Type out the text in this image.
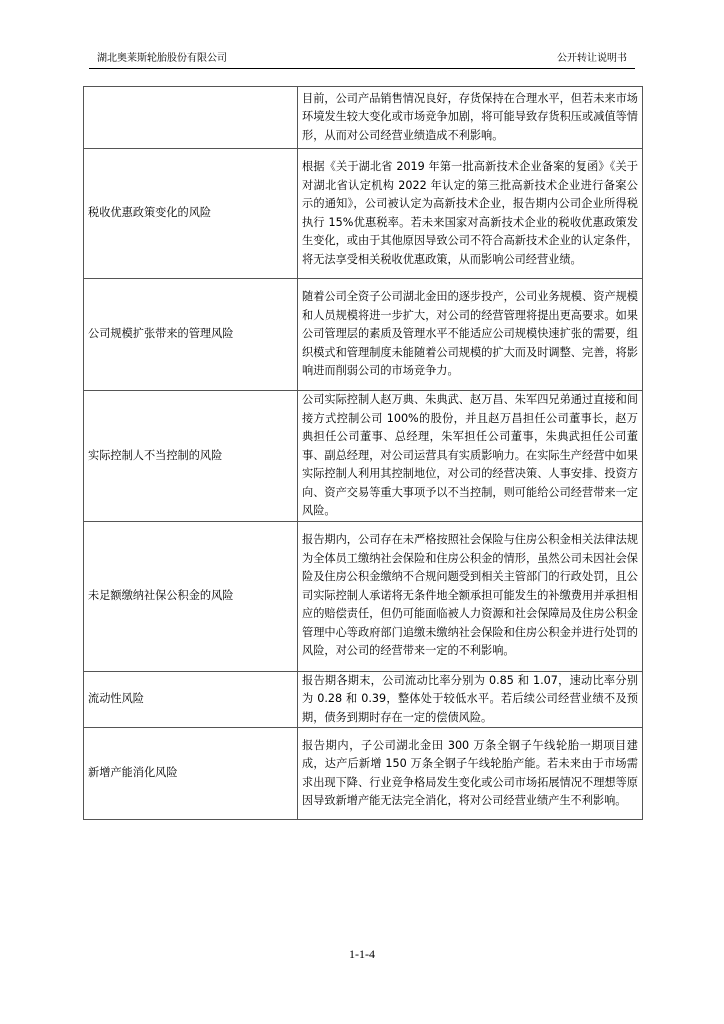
湖北奥莱斯轮胎股份有限公司	公开转让说明书
	目前，公司产品销售情况良好，存货保持在合理水平，但若未来市场环境发生较大变化或市场竞争加剧，将可能导致存货积压或减值等情形，从而对公司经营业绩造成不利影响。
税收优惠政策变化的风险	根据《关于湖北省 2019 年第一批高新技术企业备案的复函》《关于对湖北省认定机构 2022 年认定的第三批高新技术企业进行备案公示的通知》，公司被认定为高新技术企业，报告期内公司企业所得税执行 15%优惠税率。若未来国家对高新技术企业的税收优惠政策发生变化，或由于其他原因导致公司不符合高新技术企业的认定条件，将无法享受相关税收优惠政策，从而影响公司经营业绩。
公司规模扩张带来的管理风险	随着公司全资子公司湖北金田的逐步投产，公司业务规模、资产规模和人员规模将进一步扩大，对公司的经营管理将提出更高要求。如果公司管理层的素质及管理水平不能适应公司规模快速扩张的需要，组织模式和管理制度未能随着公司规模的扩大而及时调整、完善，将影响进而削弱公司的市场竞争力。
实际控制人不当控制的风险	公司实际控制人赵万典、朱典武、赵万昌、朱军四兄弟通过直接和间接方式控制公司 100%的股份，并且赵万昌担任公司董事长，赵万典担任公司董事、总经理，朱军担任公司董事，朱典武担任公司董事、副总经理，对公司运营具有实质影响力。在实际生产经营中如果实际控制人利用其控制地位，对公司的经营决策、人事安排、投资方向、资产交易等重大事项予以不当控制，则可能给公司经营带来一定风险。
未足额缴纳社保公积金的风险	报告期内，公司存在未严格按照社会保险与住房公积金相关法律法规为全体员工缴纳社会保险和住房公积金的情形，虽然公司未因社会保险及住房公积金缴纳不合规问题受到相关主管部门的行政处罚，且公司实际控制人承诺将无条件地全额承担可能发生的补缴费用并承担相应的赔偿责任，但仍可能面临被人力资源和社会保障局及住房公积金管理中心等政府部门追缴未缴纳社会保险和住房公积金并进行处罚的风险，对公司的经营带来一定的不利影响。
流动性风险	报告期各期末，公司流动比率分别为 0.85 和 1.07，速动比率分别为 0.28 和 0.39，整体处于较低水平。若后续公司经营业绩不及预期，债务到期时存在一定的偿债风险。
新增产能消化风险	报告期内，子公司湖北金田 300 万条全钢子午线轮胎一期项目建成，达产后新增 150 万条全钢子午线轮胎产能。若未来由于市场需求出现下降、行业竞争格局发生变化或公司市场拓展情况不理想等原因导致新增产能无法完全消化，将对公司经营业绩产生不利影响。
1-1-4
